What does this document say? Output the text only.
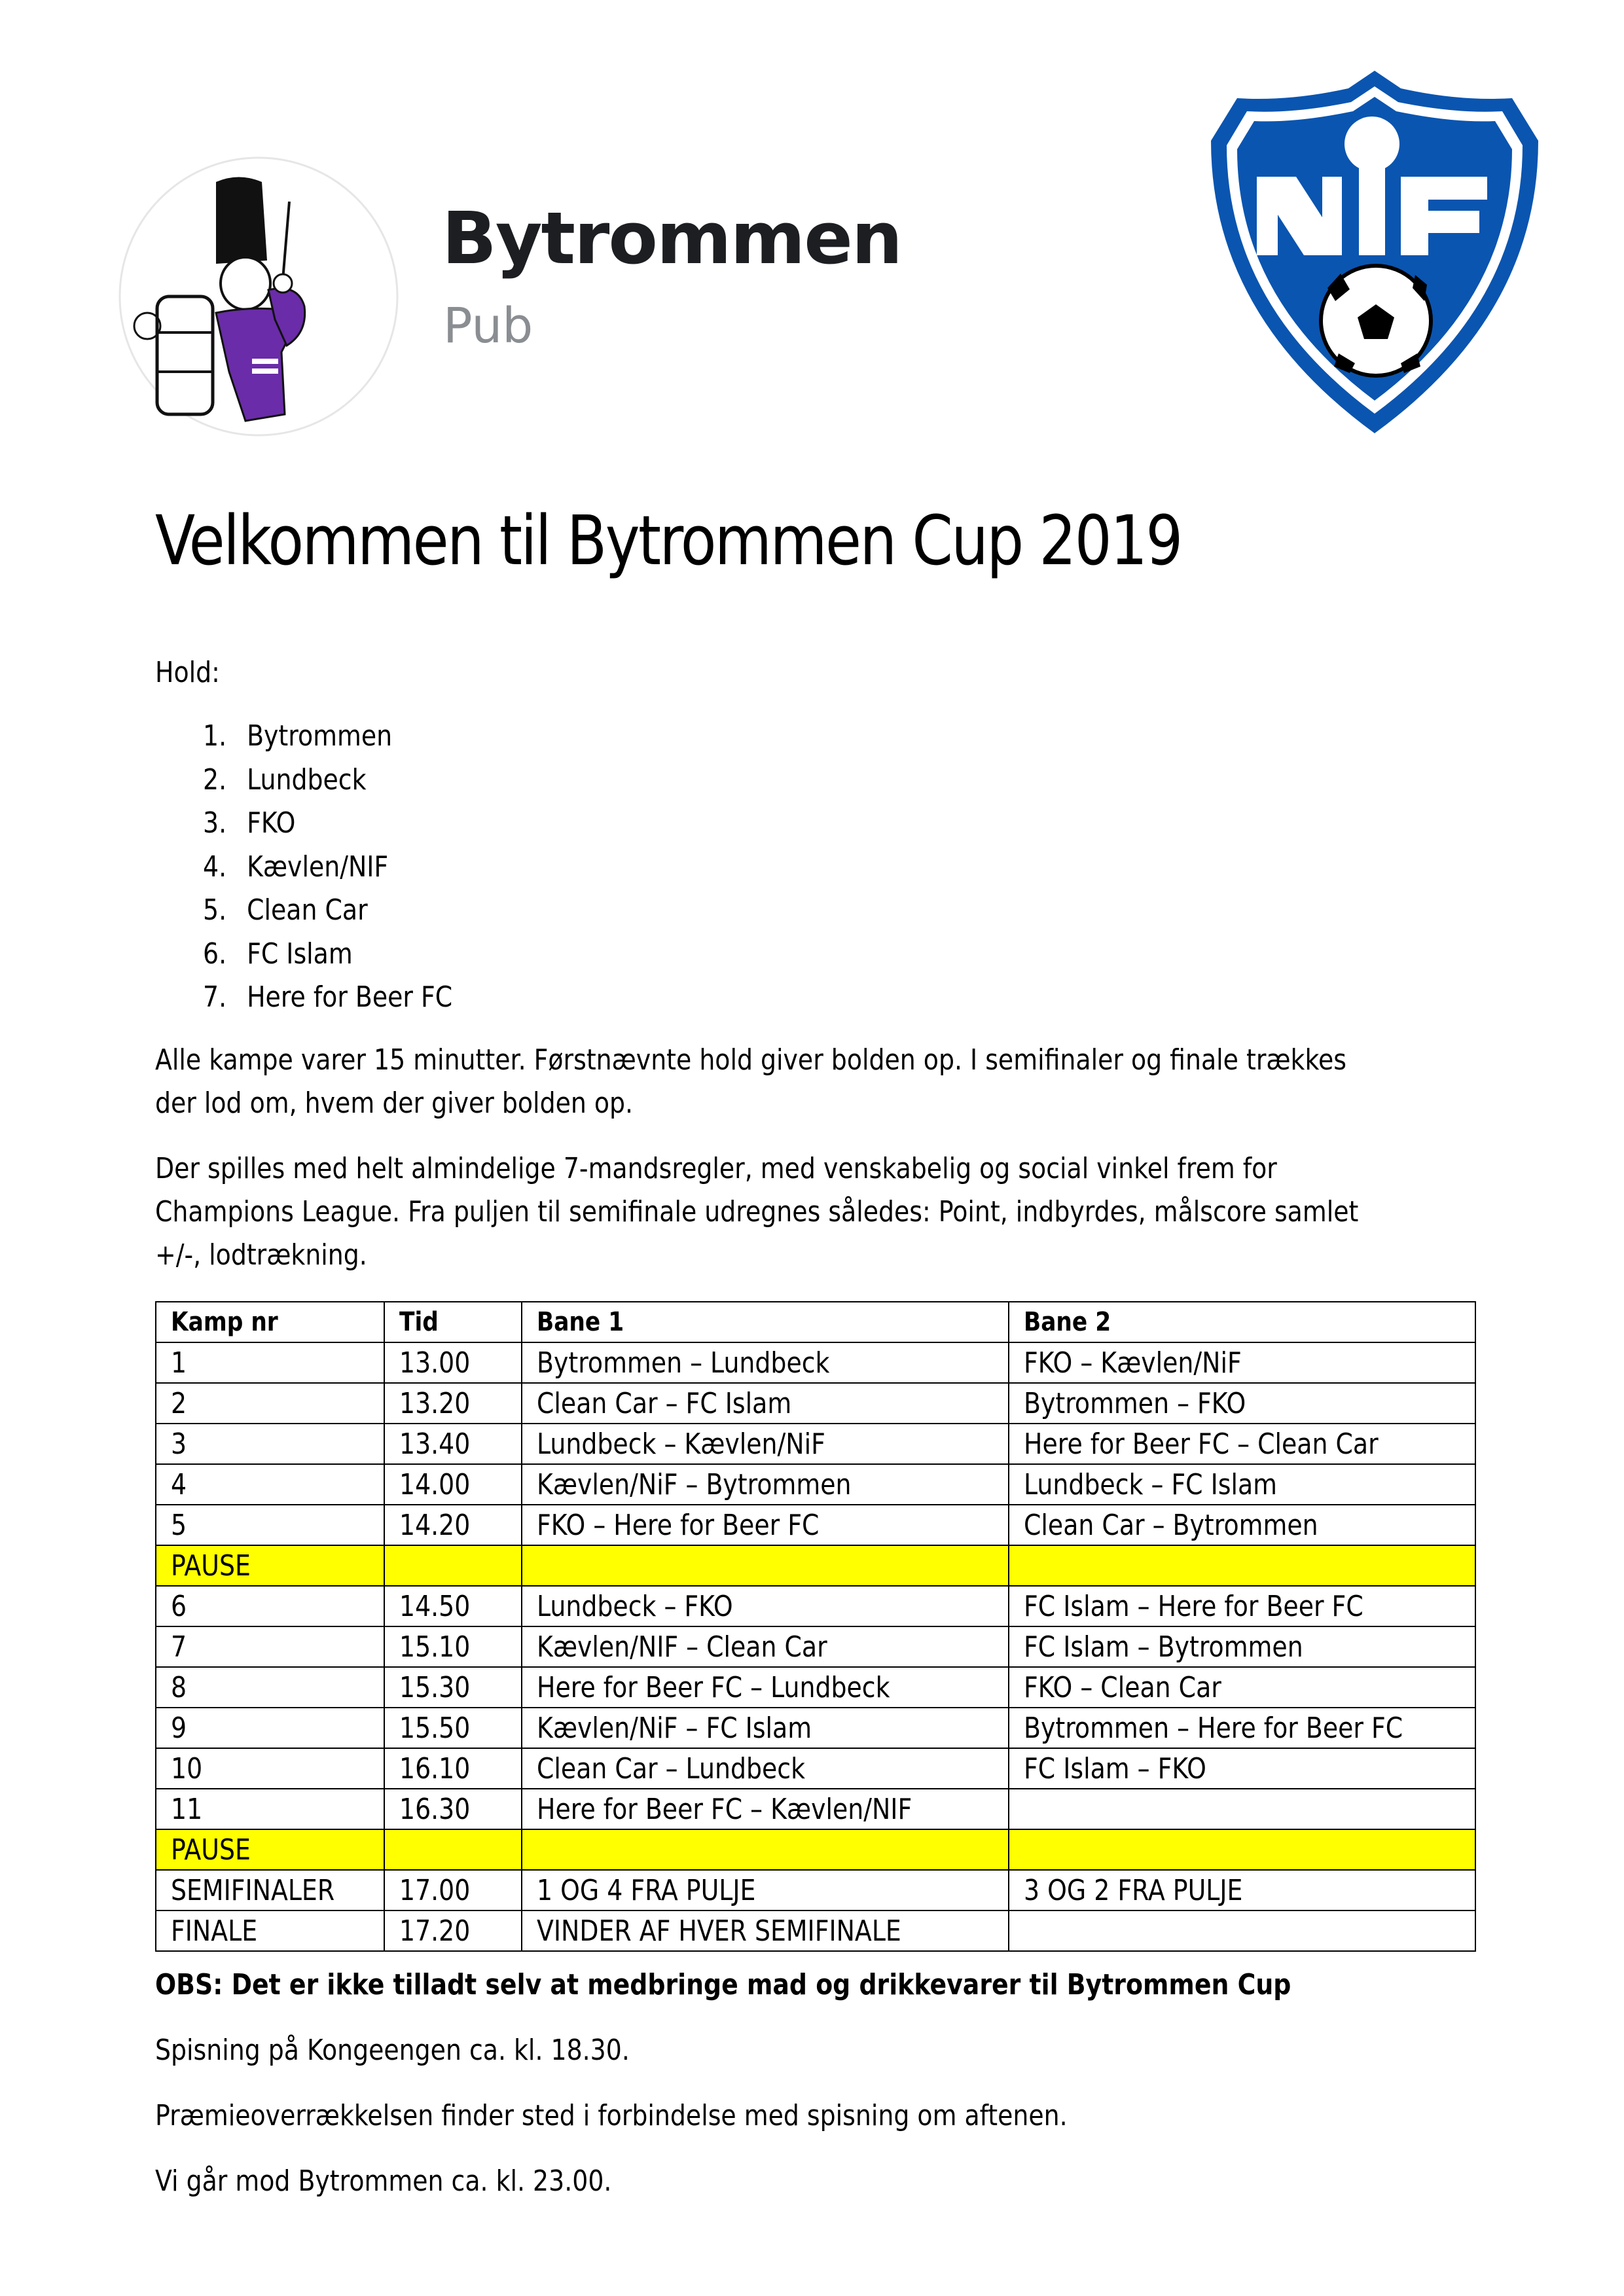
Bytrommen
Pub
Velkommen til Bytrommen Cup 2019
Hold:
1. Bytrommen
2. Lundbeck
3. FKO
4. Kævlen/NIF
5. Clean Car
6. FC Islam
7. Here for Beer FC
Alle kampe varer 15 minutter. Førstnævnte hold giver bolden op. I semifinaler og finale trækkes
der lod om, hvem der giver bolden op.
Der spilles med helt almindelige 7-mandsregler, med venskabelig og social vinkel frem for
Champions League. Fra puljen til semifinale udregnes således: Point, indbyrdes, målscore samlet
+/-, lodtrækning.
Kamp nr	Tid	Bane 1	Bane 2
1	13.00	Bytrommen – Lundbeck	FKO – Kævlen/NiF
2	13.20	Clean Car – FC Islam	Bytrommen – FKO
3	13.40	Lundbeck – Kævlen/NiF	Here for Beer FC – Clean Car
4	14.00	Kævlen/NiF – Bytrommen	Lundbeck – FC Islam
5	14.20	FKO – Here for Beer FC	Clean Car – Bytrommen
PAUSE			
6	14.50	Lundbeck – FKO	FC Islam – Here for Beer FC
7	15.10	Kævlen/NIF – Clean Car	FC Islam – Bytrommen
8	15.30	Here for Beer FC – Lundbeck	FKO – Clean Car
9	15.50	Kævlen/NiF – FC Islam	Bytrommen – Here for Beer FC
10	16.10	Clean Car – Lundbeck	FC Islam – FKO
11	16.30	Here for Beer FC – Kævlen/NIF	
PAUSE			
SEMIFINALER	17.00	1 OG 4 FRA PULJE	3 OG 2 FRA PULJE
FINALE	17.20	VINDER AF HVER SEMIFINALE	
OBS: Det er ikke tilladt selv at medbringe mad og drikkevarer til Bytrommen Cup
Spisning på Kongeengen ca. kl. 18.30.
Præmieoverrækkelsen finder sted i forbindelse med spisning om aftenen.
Vi går mod Bytrommen ca. kl. 23.00.
